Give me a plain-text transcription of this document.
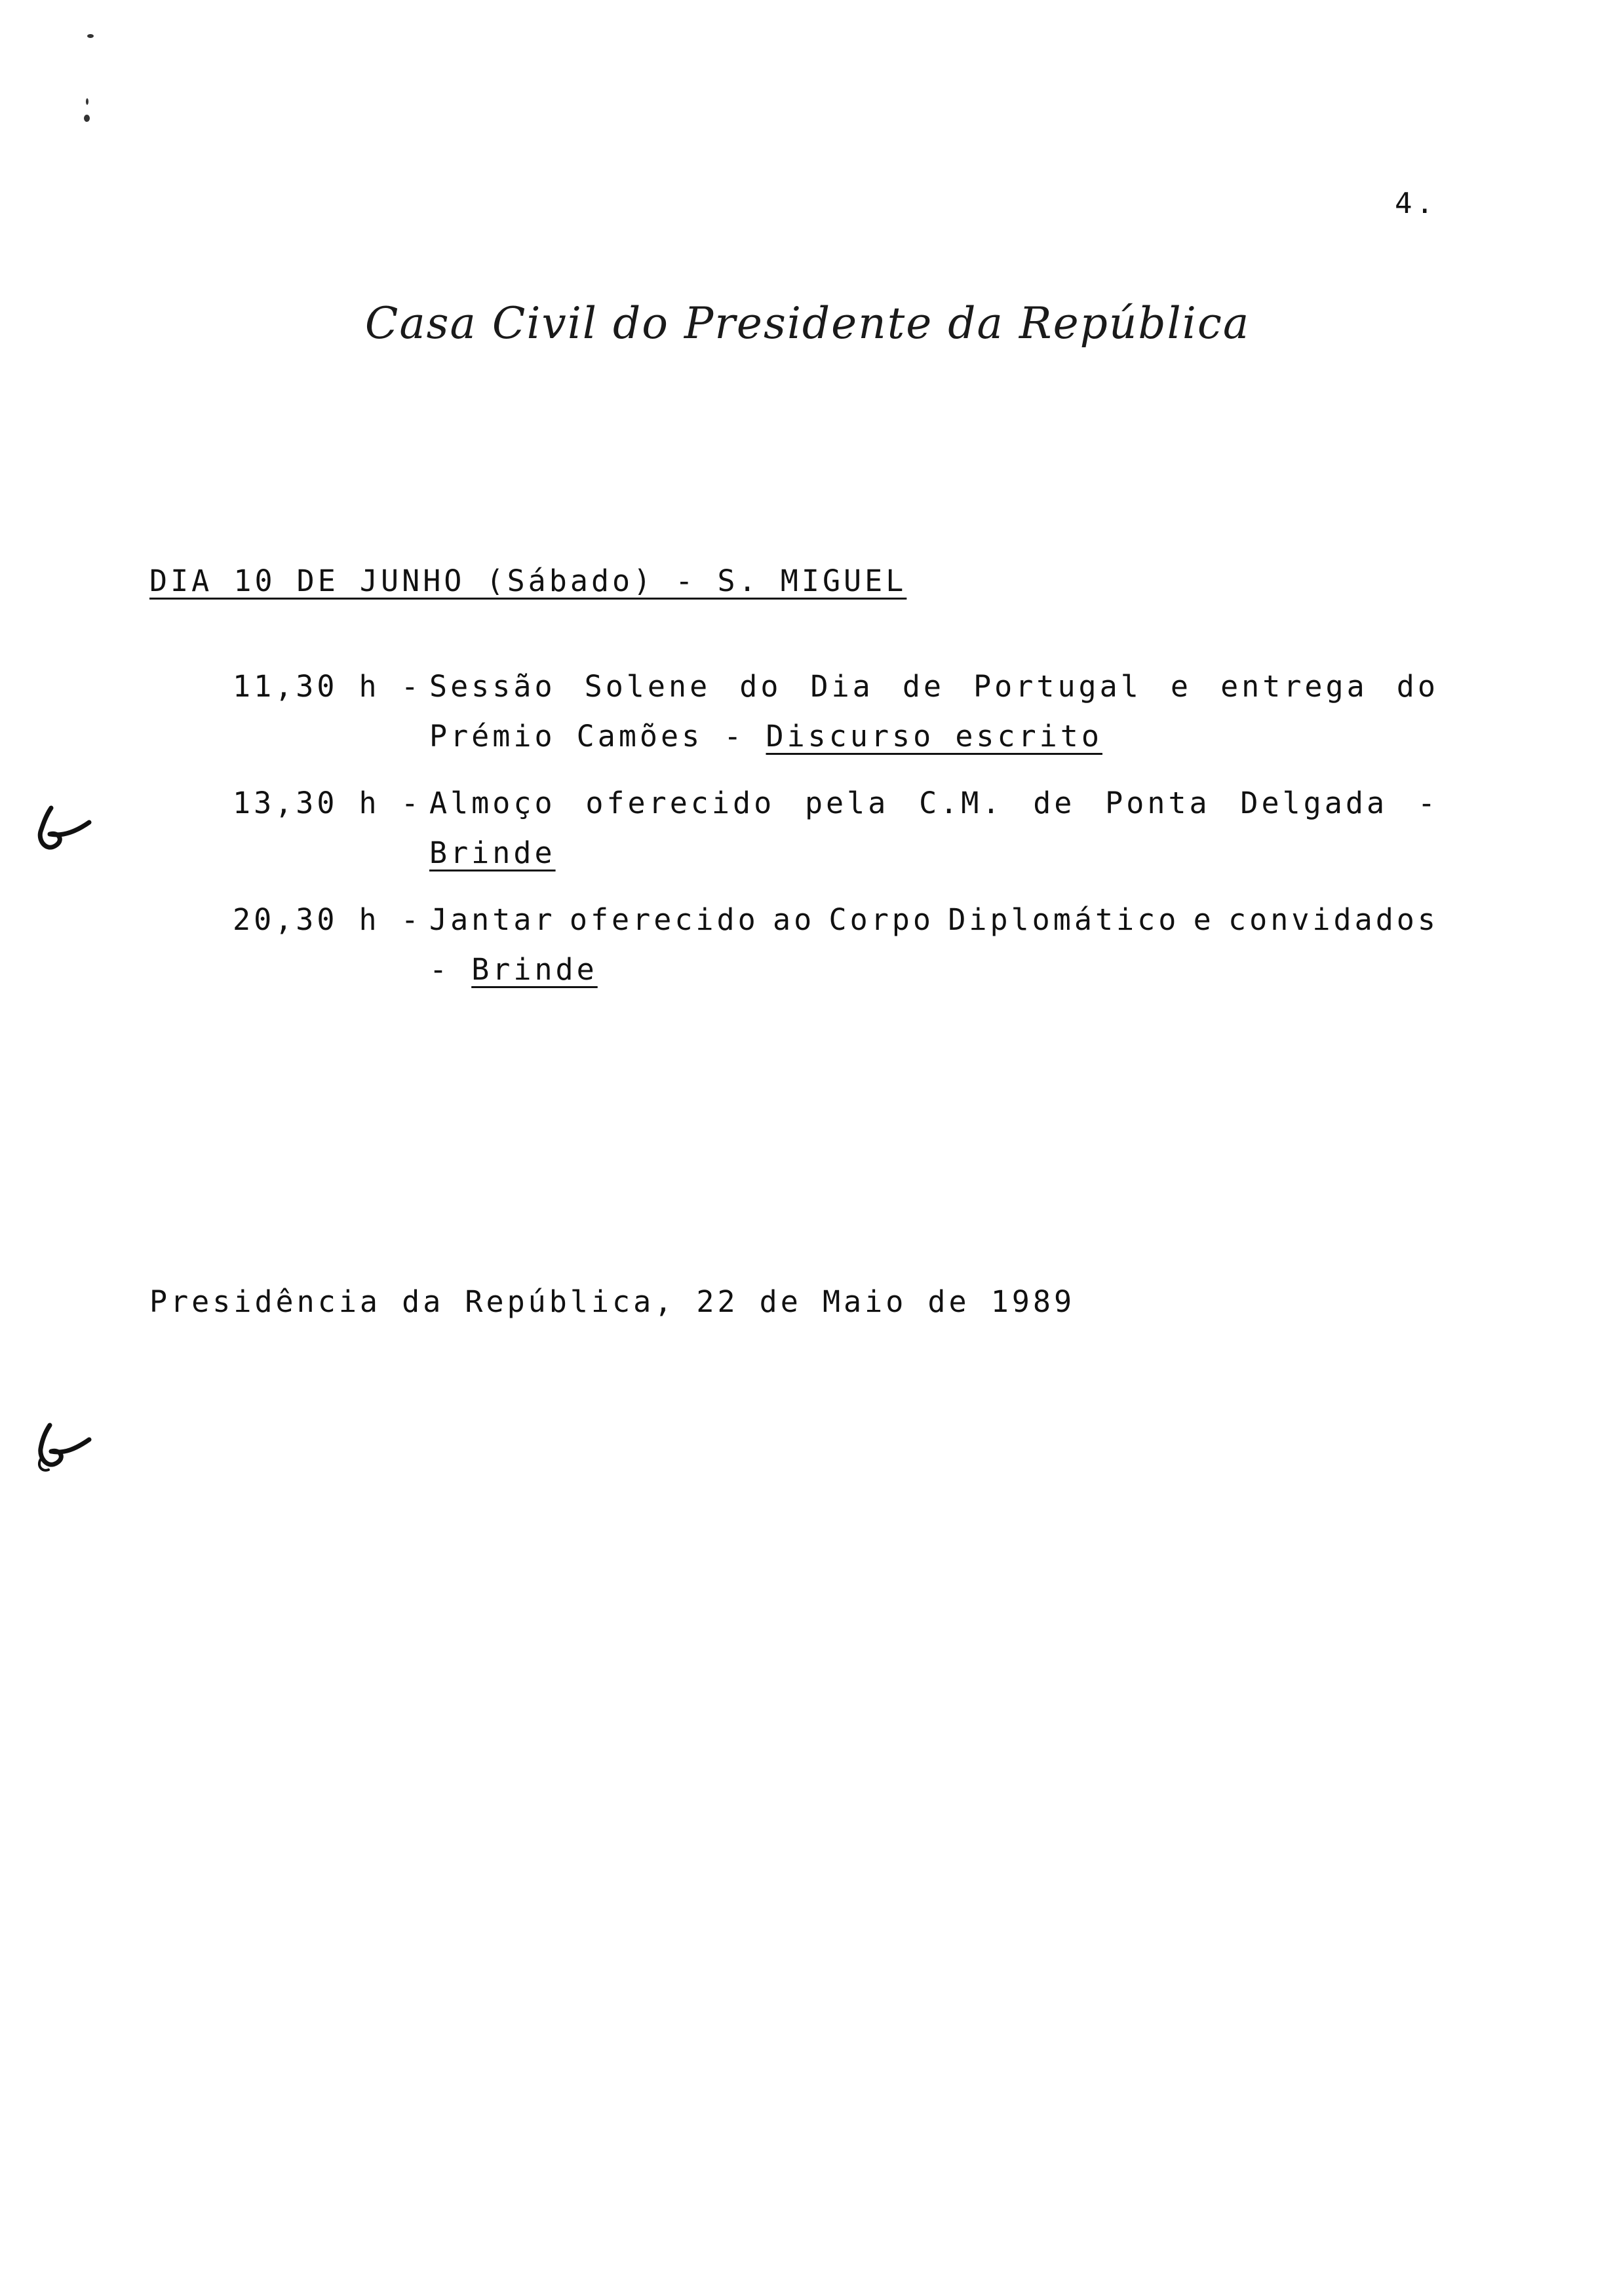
4.
Casa Civil do Presidente da República
DIA 10 DE JUNHO (Sábado) - S. MIGUEL
11,30 h - Sessão Solene do Dia de Portugal e entrega do
Prémio Camões - Discurso escrito
13,30 h - Almoço oferecido pela C.M. de Ponta Delgada -
Brinde
20,30 h - Jantar oferecido ao Corpo Diplomático e convidados
- Brinde
Presidência da República, 22 de Maio de 1989
